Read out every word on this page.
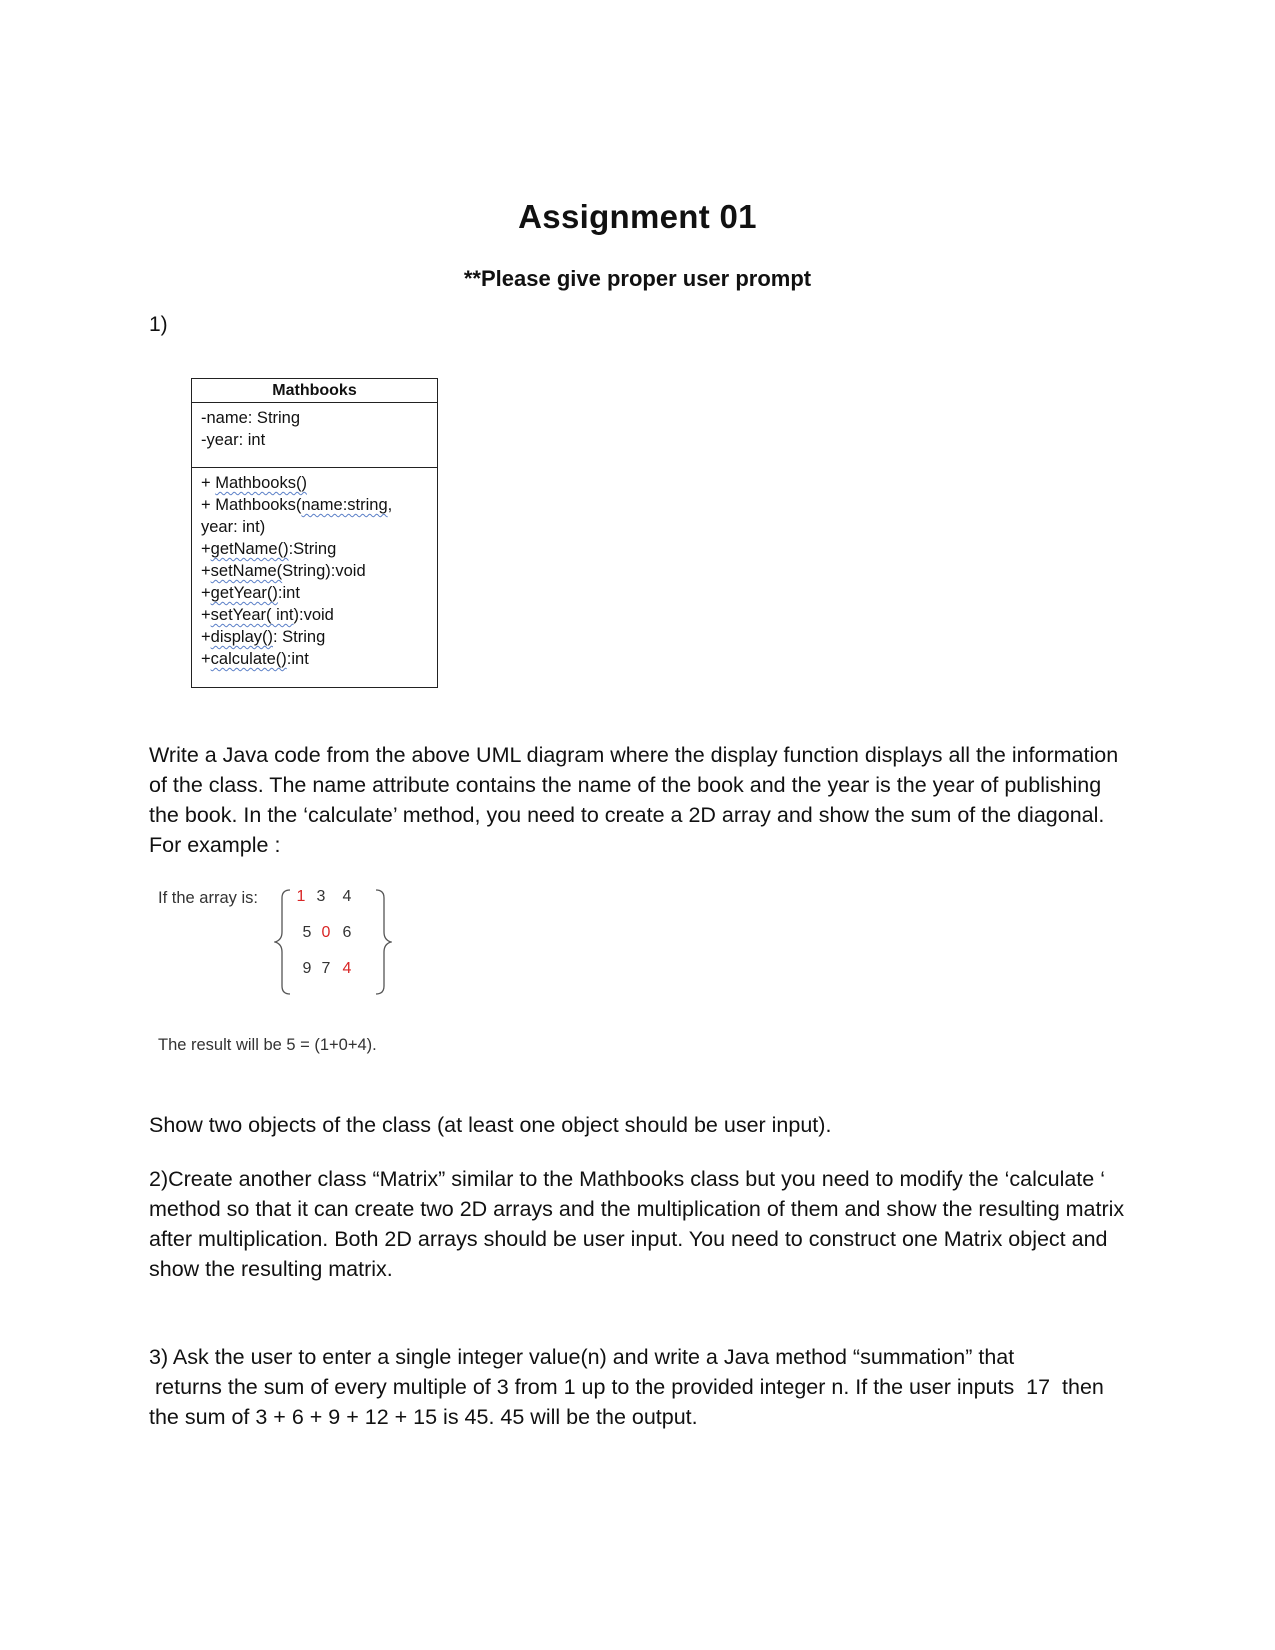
Assignment 01
**Please give proper user prompt
1)
Mathbooks
-name: String
-year: int
+ Mathbooks()
+ Mathbooks(name:string,
year: int)
+getName():String
+setName(String):void
+getYear():int
+setYear( int):void
+display(): String
+calculate():int
Write a Java code from the above UML diagram where the display function displays all the information of the class. The name attribute contains the name of the book and the year is the year of publishing the book. In the ‘calculate’ method, you need to create a 2D array and show the sum of the diagonal. For example :
If the array is: 1 3 4
5 0 6
9 7 4
The result will be 5 = (1+0+4).
Show two objects of the class (at least one object should be user input).
2)Create another class “Matrix” similar to the Mathbooks class but you need to modify the ‘calculate ‘ method so that it can create two 2D arrays and the multiplication of them and show the resulting matrix after multiplication. Both 2D arrays should be user input. You need to construct one Matrix object and show the resulting matrix.
3) Ask the user to enter a single integer value(n) and write a Java method “summation” that
returns the sum of every multiple of 3 from 1 up to the provided integer n. If the user inputs  17  then
the sum of 3 + 6 + 9 + 12 + 15 is 45. 45 will be the output.
